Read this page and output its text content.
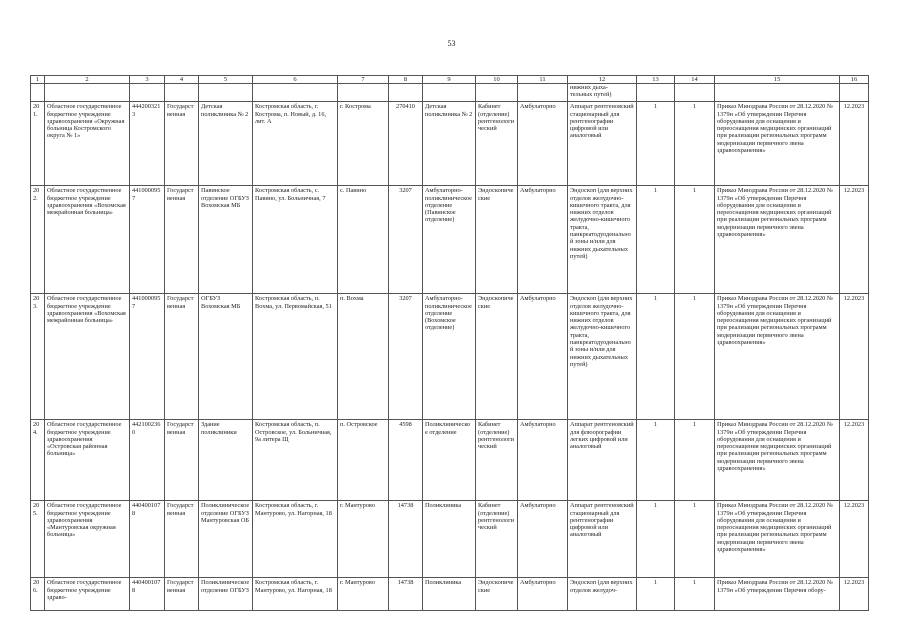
53
1	2	3	4	5	6	7	8	9	10	11	12	13	14	15	16
											нижних дыха-
тельных путей)				
201.	Областное государственное бюджетное учреждение здравоохранения «Окружная больница Костромского округа № 1»	4442003213	Государственная	Детская поликлиника № 2	Костромская область, г. Кострома, п. Новый, д. 16, лит. А	г. Кострома	270410	Детская поликлиника № 2	Кабинет (отделение) рентгенологический	Амбулаторно	Аппарат рентгеновский стационарный для рентгенографии цифровой или аналоговый	1	1	Приказ Минздрава России от 28.12.2020 № 1379н «Об утверждении Перечня оборудования для оснащения и переоснащения медицинских организаций при реализации региональных программ модернизации первичного звена здравоохранения»	12.2023
202.	Областное государственное бюджетное учреждение здравоохранения «Вохомская межрайонная больница»	4410000957	Государственная	Павинское отделение ОГБУЗ Вохомская МБ	Костромская область, с. Павино, ул. Больничная, 7	с. Павино	3207	Амбулаторно-поликлиническое отделение (Павинское отделение)	Эндоскопические	Амбулаторно	Эндоскоп (для верхних отделов желудочно-кишечного тракта, для нижних отделов желудочно-кишечного тракта, панкреатодуоденальной зоны и/или для нижних дыхательных путей)	1	1	Приказ Минздрава России от 28.12.2020 № 1379н «Об утверждении Перечня оборудования для оснащения и переоснащения медицинских организаций при реализации региональных программ модернизации первичного звена здравоохранения»	12.2023
203.	Областное государственное бюджетное учреждение здравоохранения «Вохомская межрайонная больница»	4410000957	Государственная	ОГБУЗ Вохомская МБ	Костромская область, п. Вохма, ул. Первомайская, 51	п. Вохма	3207	Амбулаторно-поликлиническое отделение (Вохомское отделение)	Эндоскопические	Амбулаторно	Эндоскоп (для верхних отделов желудочно-кишечного тракта, для нижних отделов желудочно-кишечного тракта, панкреатодуоденальной зоны и/или для нижних дыхательных путей)	1	1	Приказ Минздрава России от 28.12.2020 № 1379н «Об утверждении Перечня оборудования для оснащения и переоснащения медицинских организаций при реализации региональных программ модернизации первичного звена здравоохранения»	12.2023
204.	Областное государственное бюджетное учреждение здравоохранения «Островская районная больница»	4421002360	Государственная	Здание поликлиники	Костромская область, п. Островское, ул. Больничная, 9а литера Щ	п. Островское	4598	Поликлиническое отделение	Кабинет (отделение) рентгенологический	Амбулаторно	Аппарат рентгеновский для флюорографии легких цифровой или аналоговый	1	1	Приказ Минздрава России от 28.12.2020 № 1379н «Об утверждении Перечня оборудования для оснащения и переоснащения медицинских организаций при реализации региональных программ модернизации первичного звена здравоохранения»	12.2023
205.	Областное государственное бюджетное учреждение здравоохранения «Мантуровская окружная больница»	4404001078	Государственная	Поликлиническое отделение ОГБУЗ Мантуровская ОБ	Костромская область, г. Мантурово, ул. Нагорная, 18	г. Мантурово	14738	Поликлиника	Кабинет (отделение) рентгенологический	Амбулаторно	Аппарат рентгеновский стационарный для рентгенографии цифровой или аналоговый	1	1	Приказ Минздрава России от 28.12.2020 № 1379н «Об утверждении Перечня оборудования для оснащения и переоснащения медицинских организаций при реализации региональных программ модернизации первичного звена здравоохранения»	12.2023
206.	Областное государственное бюджетное учреждение здраво-	4404001078	Государственная	Поликлиническое отделение ОГБУЗ	Костромская область, г. Мантурово, ул. Нагорная, 18	г. Мантурово	14738	Поликлиника	Эндоскопические	Амбулаторно	Эндоскоп (для верхних отделов желудоч-	1	1	Приказ Минздрава России от 28.12.2020 № 1379н «Об утверждении Перечня обору-	12.2023
